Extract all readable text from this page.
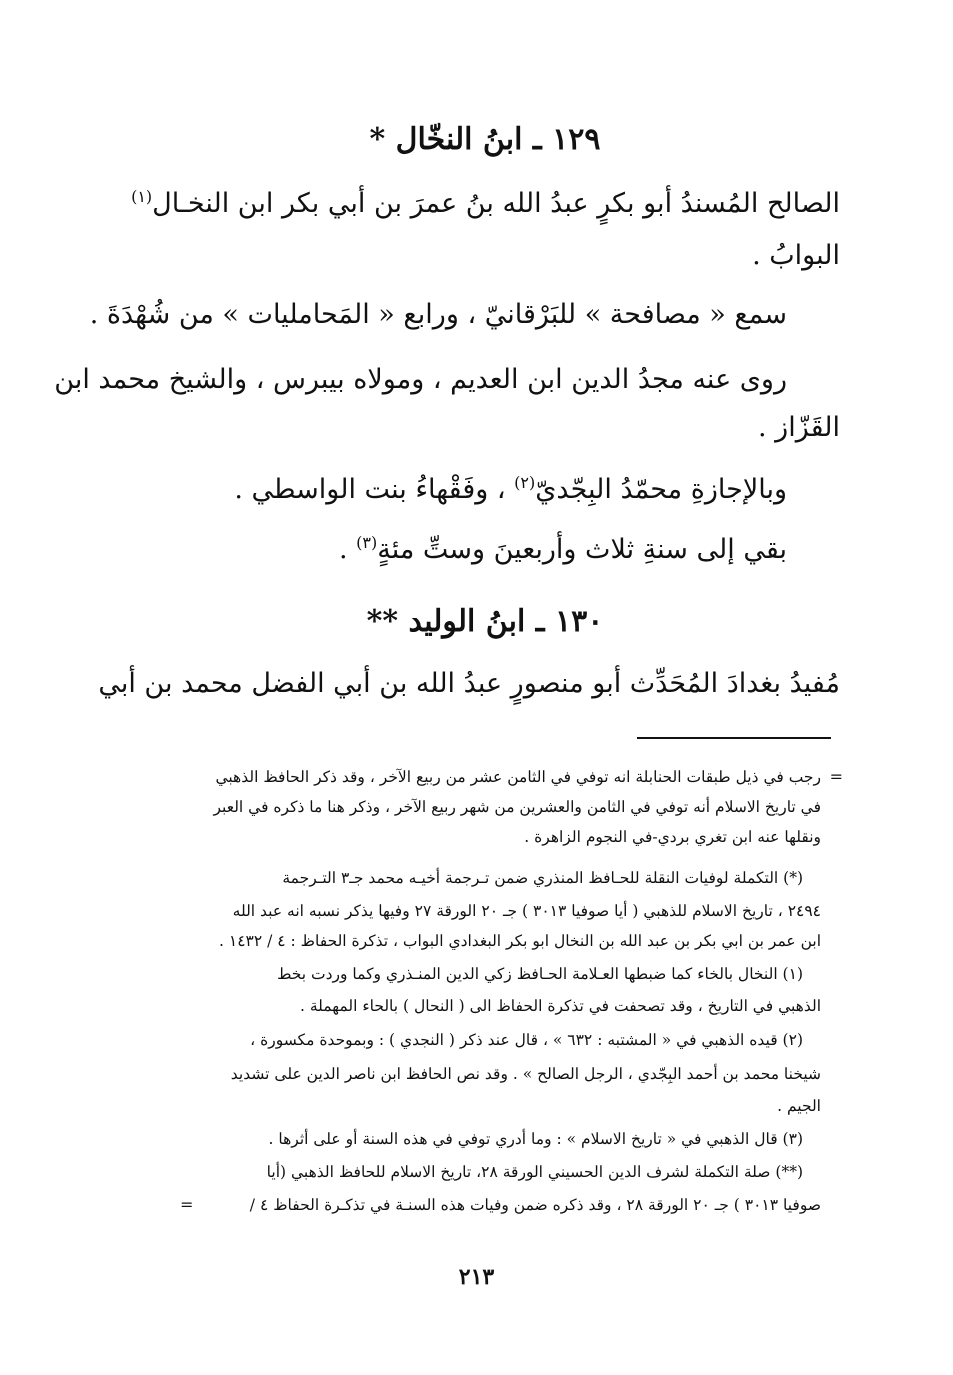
١٢٩ ـ ابنُ النخّال *
الصالح المُسندُ أبو بكرٍ عبدُ الله بنُ عمرَ بن أبي بكر ابن النخـال$^{(١)}$
البوابُ .
سمع « مصافحة » للبَرْقانيّ ، ورابع « المَحامليات » من شُهْدَةَ .
روى عنه مجدُ الدين ابن العديم ، ومولاه بيبرس ، والشيخ محمد ابن
القَزّاز .
وبالإجازةِ محمّدُ البِجّديّ$^{(٢)}$ ، وفَقْهاءُ بنت الواسطي .
بقي إلى سنةِ ثلاث وأربعينَ وستِّ مئةٍ$^{(٣)}$ .
١٣٠ ـ ابنُ الوليد **
مُفيدُ بغدادَ المُحَدِّث أبو منصورٍ عبدُ الله بن أبي الفضل محمد بن أبي
=
=
رجب في ذيل طبقات الحنابلة انه توفي في الثامن عشر من ربيع الآخر ، وقد ذكر الحافظ الذهبي
في تاريخ الاسلام أنه توفي في الثامن والعشرين من شهر ربيع الآخر ، وذكر هنا ما ذكره في العبر
ونقلها عنه ابن تغري بردي-في النجوم الزاهرة .
(*) التكملة لوفيات النقلة للحـافظ المنذري ضمن تـرجمة أخيـه محمد جـ٣ التـرجمة
٢٤٩٤ ، تاريخ الاسلام للذهبي ( أيا صوفيا ٣٠١٣ ) جـ ٢٠ الورقة ٢٧ وفيها يذكر نسبه انه عبد الله
ابن عمر بن ابي بكر بن عبد الله بن النخال ابو بكر البغدادي البواب ، تذكرة الحفاظ : ٤ / ١٤٣٢ .
(١) النخال بالخاء كما ضبطها العـلامة الحـافظ زكي الدين المنـذري وكما وردت بخط
الذهبي في التاريخ ، وقد تصحفت في تذكرة الحفاظ الى ( النحال ) بالحاء المهملة .
(٢) قيده الذهبي في « المشتبه : ٦٣٢ » ، قال عند ذكر ( النجدي ) : وبموحدة مكسورة ،
شيخنا محمد بن أحمد البِجّدي ، الرجل الصالح » . وقد نص الحافظ ابن ناصر الدين على تشديد
الجيم .
(٣) قال الذهبي في « تاريخ الاسلام » : وما أدري توفي في هذه السنة أو على أثرها .
(**) صلة التكملة لشرف الدين الحسيني الورقة ٢٨، تاريخ الاسلام للحافظ الذهبي (أيا
صوفيا ٣٠١٣ ) جـ ٢٠ الورقة ٢٨ ، وقد ذكره ضمن وفيات هذه السنـة في تذكـرة الحفاظ ٤ /
٢١٣
